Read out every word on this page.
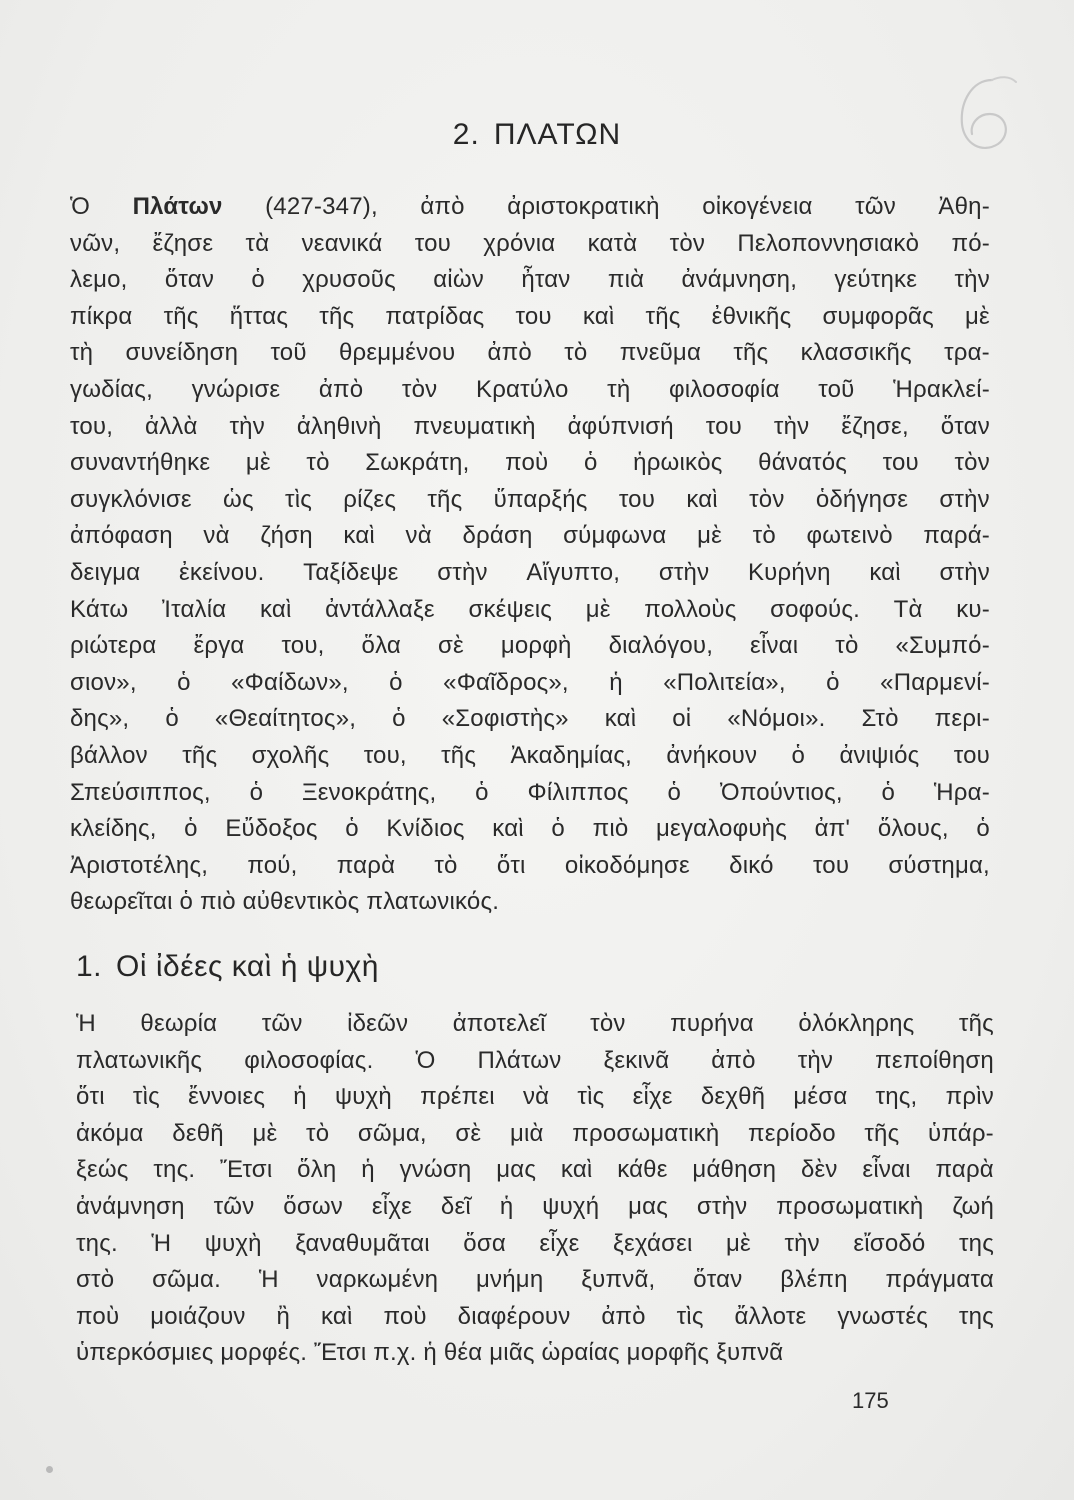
2. ΠΛΑΤΩΝ
Ὁ Πλάτων (427-347), ἀπὸ ἀριστοκρατικὴ οἰκογένεια τῶν Ἀθη-
νῶν, ἔζησε τὰ νεανικά του χρόνια κατὰ τὸν Πελοποννησιακὸ πό-
λεμο, ὅταν ὁ χρυσοῦς αἰὼν ἦταν πιὰ ἀνάμνηση, γεύτηκε τὴν
πίκρα τῆς ἥττας τῆς πατρίδας του καὶ τῆς ἐθνικῆς συμφορᾶς μὲ
τὴ συνείδηση τοῦ θρεμμένου ἀπὸ τὸ πνεῦμα τῆς κλασσικῆς τρα-
γωδίας, γνώρισε ἀπὸ τὸν Κρατύλο τὴ φιλοσοφία τοῦ Ἡρακλεί-
του, ἀλλὰ τὴν ἀληθινὴ πνευματικὴ ἀφύπνισή του τὴν ἔζησε, ὅταν
συναντήθηκε μὲ τὸ Σωκράτη, ποὺ ὁ ἡρωικὸς θάνατός του τὸν
συγκλόνισε ὡς τὶς ρίζες τῆς ὕπαρξής του καὶ τὸν ὁδήγησε στὴν
ἀπόφαση νὰ ζήση καὶ νὰ δράση σύμφωνα μὲ τὸ φωτεινὸ παρά-
δειγμα ἐκείνου. Ταξίδεψε στὴν Αἴγυπτο, στὴν Κυρήνη καὶ στὴν
Κάτω Ἰταλία καὶ ἀντάλλαξε σκέψεις μὲ πολλοὺς σοφούς. Τὰ κυ-
ριώτερα ἔργα του, ὅλα σὲ μορφὴ διαλόγου, εἶναι τὸ «Συμπό-
σιον», ὁ «Φαίδων», ὁ «Φαῖδρος», ἡ «Πολιτεία», ὁ «Παρμενί-
δης», ὁ «Θεαίτητος», ὁ «Σοφιστὴς» καὶ οἱ «Νόμοι». Στὸ περι-
βάλλον τῆς σχολῆς του, τῆς Ἀκαδημίας, ἀνήκουν ὁ ἀνιψιός του
Σπεύσιππος, ὁ Ξενοκράτης, ὁ Φίλιππος ὁ Ὀπούντιος, ὁ Ἡρα-
κλείδης, ὁ Εὔδοξος ὁ Κνίδιος καὶ ὁ πιὸ μεγαλοφυὴς ἀπ' ὅλους, ὁ
Ἀριστοτέλης, πού, παρὰ τὸ ὅτι οἰκοδόμησε δικό του σύστημα,
θεωρεῖται
ὁ
πιὸ
αὐθεντικὸς
πλατωνικός.
1. Οἱ ἰδέες καὶ ἡ ψυχὴ
Ἡ θεωρία τῶν ἰδεῶν ἀποτελεῖ τὸν πυρήνα ὁλόκληρης τῆς
πλατωνικῆς φιλοσοφίας. Ὁ Πλάτων ξεκινᾶ ἀπὸ τὴν πεποίθηση
ὅτι τὶς ἔννοιες ἡ ψυχὴ πρέπει νὰ τὶς εἶχε δεχθῆ μέσα της, πρὶν
ἀκόμα δεθῆ μὲ τὸ σῶμα, σὲ μιὰ προσωματικὴ περίοδο τῆς ὑπάρ-
ξεώς της. Ἔτσι ὅλη ἡ γνώση μας καὶ κάθε μάθηση δὲν εἶναι παρὰ
ἀνάμνηση τῶν ὅσων εἶχε δεῖ ἡ ψυχή μας στὴν προσωματικὴ ζωή
της. Ἡ ψυχὴ ξαναθυμᾶται ὅσα εἶχε ξεχάσει μὲ τὴν εἴσοδό της
στὸ σῶμα. Ἡ ναρκωμένη μνήμη ξυπνᾶ, ὅταν βλέπη πράγματα
ποὺ μοιάζουν ἢ καὶ ποὺ διαφέρουν ἀπὸ τὶς ἄλλοτε γνωστές της
ὑπερκόσμιες
μορφές.
Ἔτσι
π.χ.
ἡ
θέα
μιᾶς
ὡραίας
μορφῆς
ξυπνᾶ
175
